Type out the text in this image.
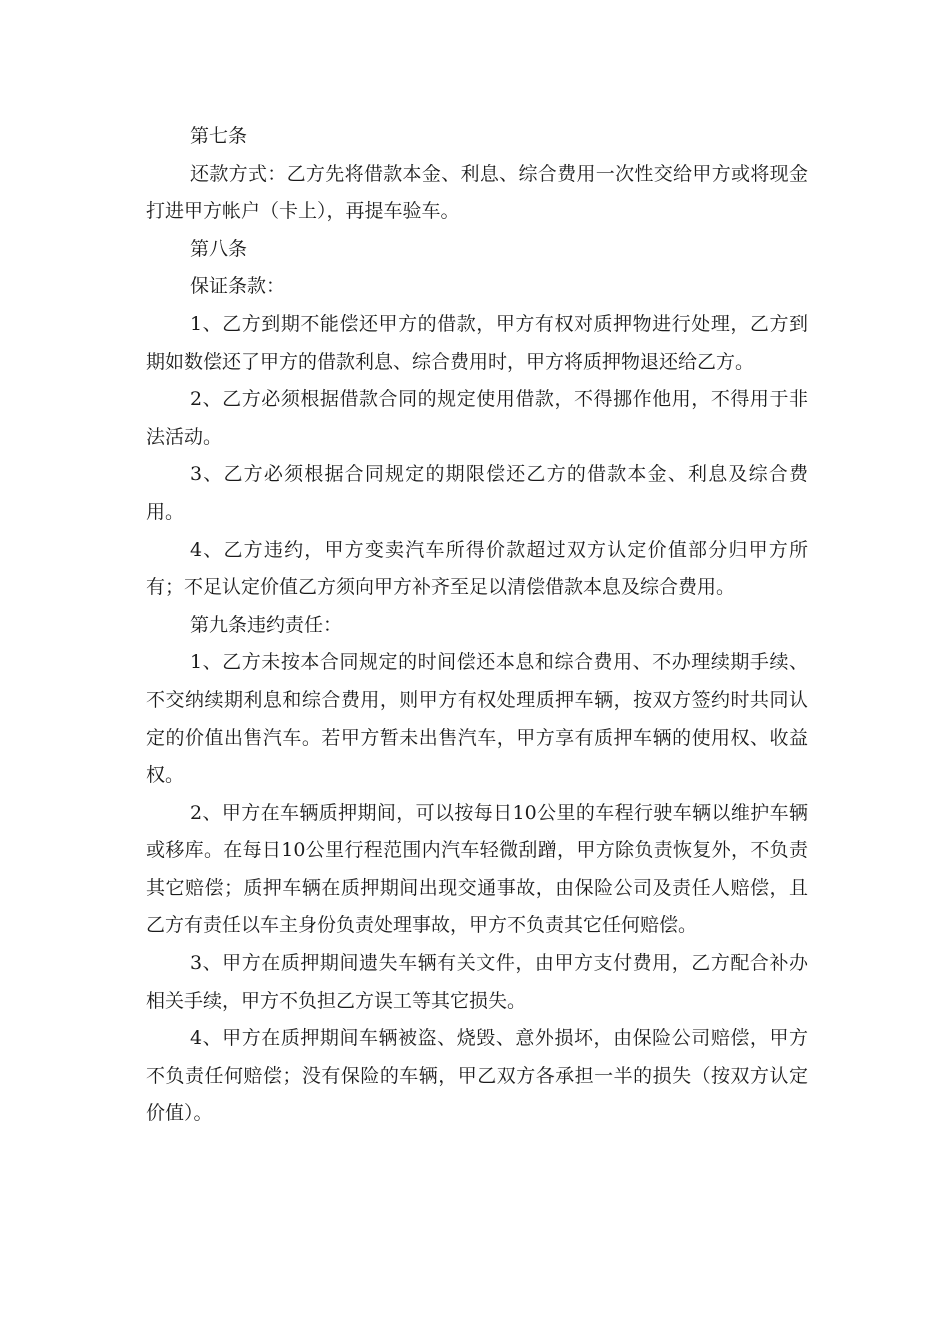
第七条

还款方式：乙方先将借款本金、利息、综合费用一次性交给甲方或将现金打进甲方帐户（卡上），再提车验车。

第八条

保证条款：

1、乙方到期不能偿还甲方的借款，甲方有权对质押物进行处理，乙方到期如数偿还了甲方的借款利息、综合费用时，甲方将质押物退还给乙方。

2、乙方必须根据借款合同的规定使用借款，不得挪作他用，不得用于非法活动。

3、乙方必须根据合同规定的期限偿还乙方的借款本金、利息及综合费用。

4、乙方违约，甲方变卖汽车所得价款超过双方认定价值部分归甲方所有；不足认定价值乙方须向甲方补齐至足以清偿借款本息及综合费用。

第九条违约责任：

1、乙方未按本合同规定的时间偿还本息和综合费用、不办理续期手续、不交纳续期利息和综合费用，则甲方有权处理质押车辆，按双方签约时共同认定的价值出售汽车。若甲方暂未出售汽车，甲方享有质押车辆的使用权、收益权。

2、甲方在车辆质押期间，可以按每日10公里的车程行驶车辆以维护车辆或移库。在每日10公里行程范围内汽车轻微刮蹭，甲方除负责恢复外，不负责其它赔偿；质押车辆在质押期间出现交通事故，由保险公司及责任人赔偿，且乙方有责任以车主身份负责处理事故，甲方不负责其它任何赔偿。

3、甲方在质押期间遗失车辆有关文件，由甲方支付费用，乙方配合补办相关手续，甲方不负担乙方误工等其它损失。

4、甲方在质押期间车辆被盗、烧毁、意外损坏，由保险公司赔偿，甲方不负责任何赔偿；没有保险的车辆，甲乙双方各承担一半的损失（按双方认定价值）。
